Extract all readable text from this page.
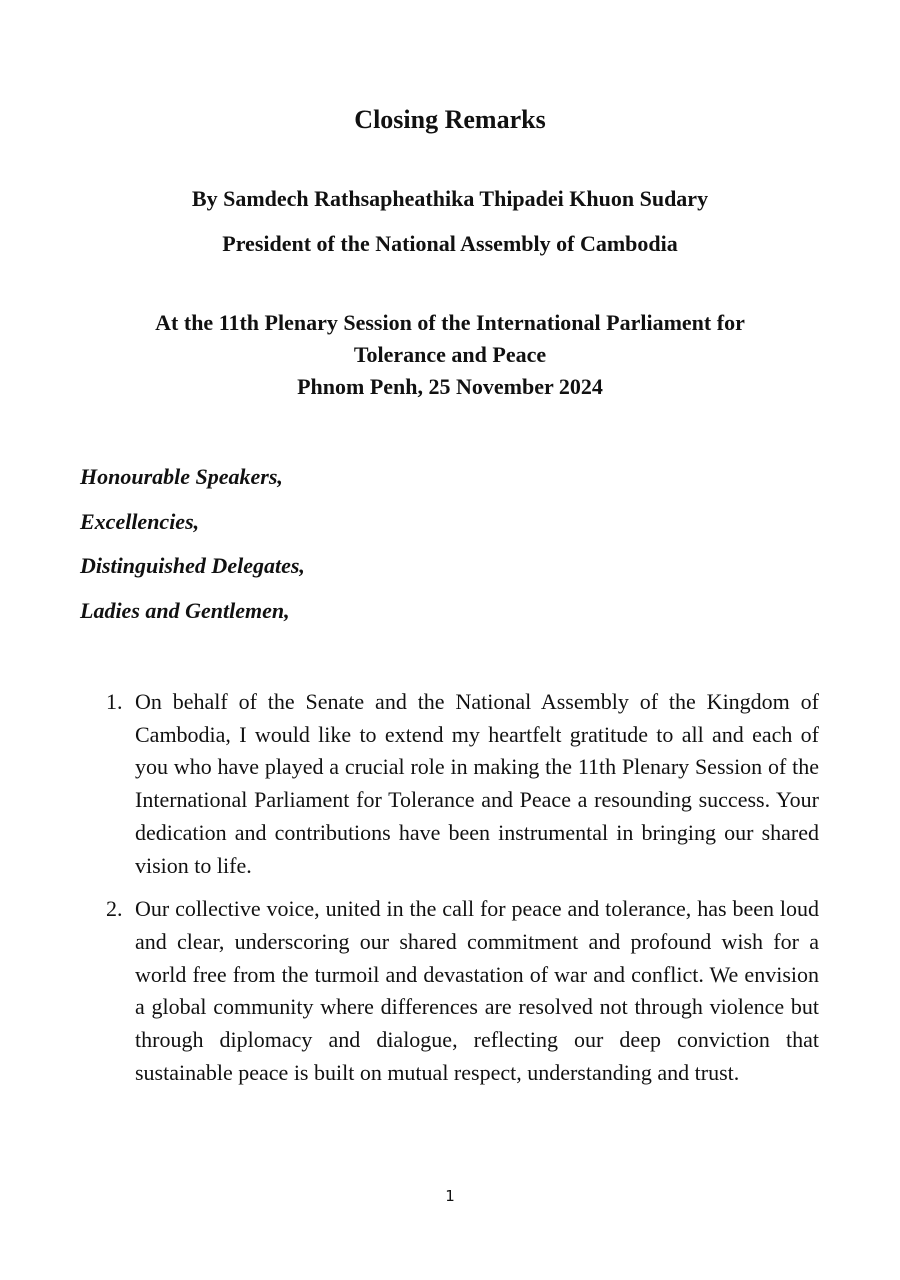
Closing Remarks

By Samdech Rathsapheathika Thipadei Khuon Sudary

President of the National Assembly of Cambodia

At the 11th Plenary Session of the International Parliament for
Tolerance and Peace
Phnom Penh, 25 November 2024

Honourable Speakers,
Excellencies,
Distinguished Delegates,
Ladies and Gentlemen,
1. On behalf of the Senate and the National Assembly of the Kingdom of Cambodia, I would like to extend my heartfelt gratitude to all and each of you who have played a crucial role in making the 11th Plenary Session of the International Parliament for Tolerance and Peace a resounding success. Your dedication and contributions have been instrumental in bringing our shared vision to life.
2. Our collective voice, united in the call for peace and tolerance, has been loud and clear, underscoring our shared commitment and profound wish for a world free from the turmoil and devastation of war and conflict. We envision a global community where differences are resolved not through violence but through diplomacy and dialogue, reflecting our deep conviction that sustainable peace is built on mutual respect, understanding and trust.

1
